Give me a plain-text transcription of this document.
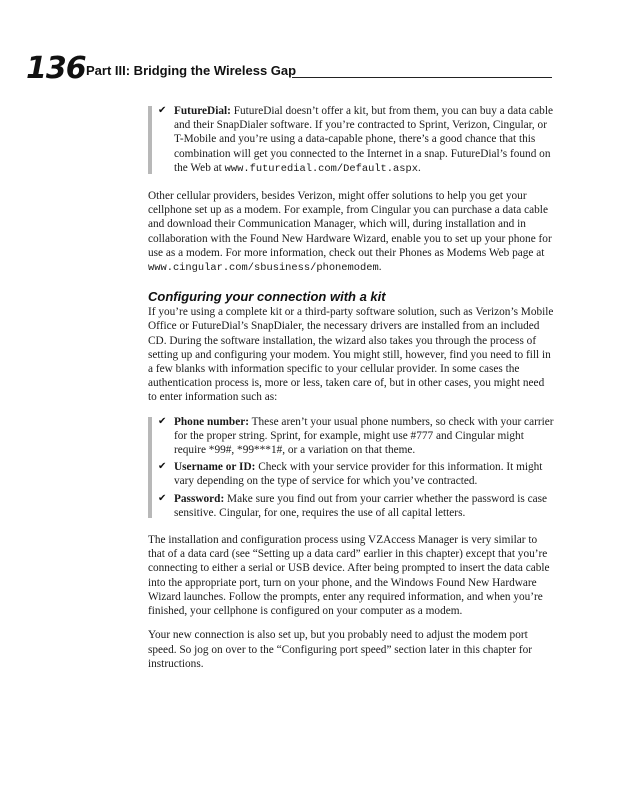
136 Part III: Bridging the Wireless Gap
✔ FutureDial: FutureDial doesn’t offer a kit, but from them, you can buy a data cable and their SnapDialer software. If you’re contracted to Sprint, Verizon, Cingular, or T-Mobile and you’re using a data-capable phone, there’s a good chance that this combination will get you connected to the Internet in a snap. FutureDial’s found on the Web at www.futuredial.com/Default.aspx.

Other cellular providers, besides Verizon, might offer solutions to help you get your cellphone set up as a modem. For example, from Cingular you can purchase a data cable and download their Communication Manager, which will, during installation and in collaboration with the Found New Hardware Wizard, enable you to set up your phone for use as a modem. For more information, check out their Phones as Modems Web page at www.cingular.com/sbusiness/phonemodem.

Configuring your connection with a kit

If you’re using a complete kit or a third-party software solution, such as Verizon’s Mobile Office or FutureDial’s SnapDialer, the necessary drivers are installed from an included CD. During the software installation, the wizard also takes you through the process of setting up and configuring your modem. You might still, however, find you need to fill in a few blanks with information specific to your cellular provider. In some cases the authentication process is, more or less, taken care of, but in other cases, you might need to enter information such as:

✔ Phone number: These aren’t your usual phone numbers, so check with your carrier for the proper string. Sprint, for example, might use #777 and Cingular might require *99#, *99***1#, or a variation on that theme.
✔ Username or ID: Check with your service provider for this information. It might vary depending on the type of service for which you’ve contracted.
✔ Password: Make sure you find out from your carrier whether the password is case sensitive. Cingular, for one, requires the use of all capital letters.

The installation and configuration process using VZAccess Manager is very similar to that of a data card (see “Setting up a data card” earlier in this chapter) except that you’re connecting to either a serial or USB device. After being prompted to insert the data cable into the appropriate port, turn on your phone, and the Windows Found New Hardware Wizard launches. Follow the prompts, enter any required information, and when you’re finished, your cellphone is configured on your computer as a modem.

Your new connection is also set up, but you probably need to adjust the modem port speed. So jog on over to the “Configuring port speed” section later in this chapter for instructions.
